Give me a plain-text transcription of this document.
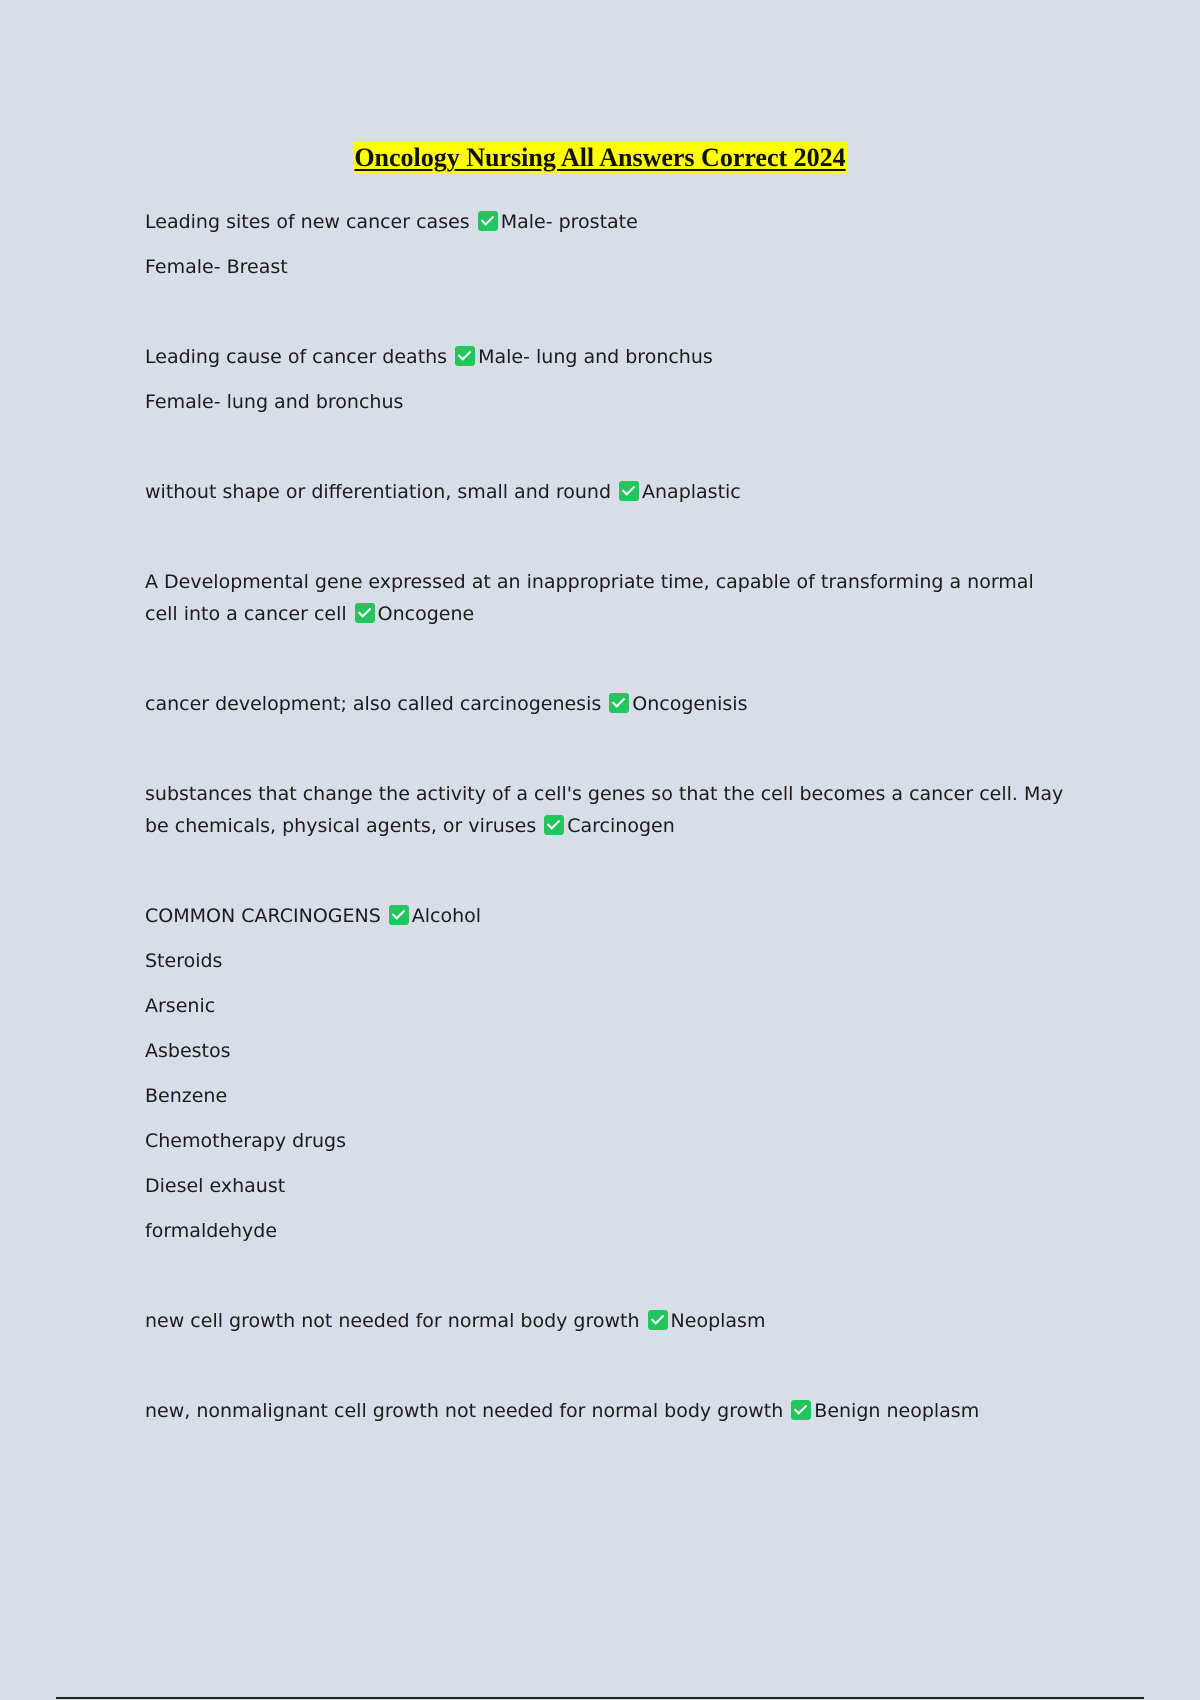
Oncology Nursing All Answers Correct 2024
Leading sites of new cancer cases Male- prostate
Female- Breast
Leading cause of cancer deaths Male- lung and bronchus
Female- lung and bronchus
without shape or differentiation, small and round Anaplastic
A Developmental gene expressed at an inappropriate time, capable of transforming a normal cell into a cancer cell Oncogene
cancer development; also called carcinogenesis Oncogenisis
substances that change the activity of a cell's genes so that the cell becomes a cancer cell. May be chemicals, physical agents, or viruses Carcinogen
COMMON CARCINOGENS Alcohol
Steroids
Arsenic
Asbestos
Benzene
Chemotherapy drugs
Diesel exhaust
formaldehyde
new cell growth not needed for normal body growth Neoplasm
new, nonmalignant cell growth not needed for normal body growth Benign neoplasm
